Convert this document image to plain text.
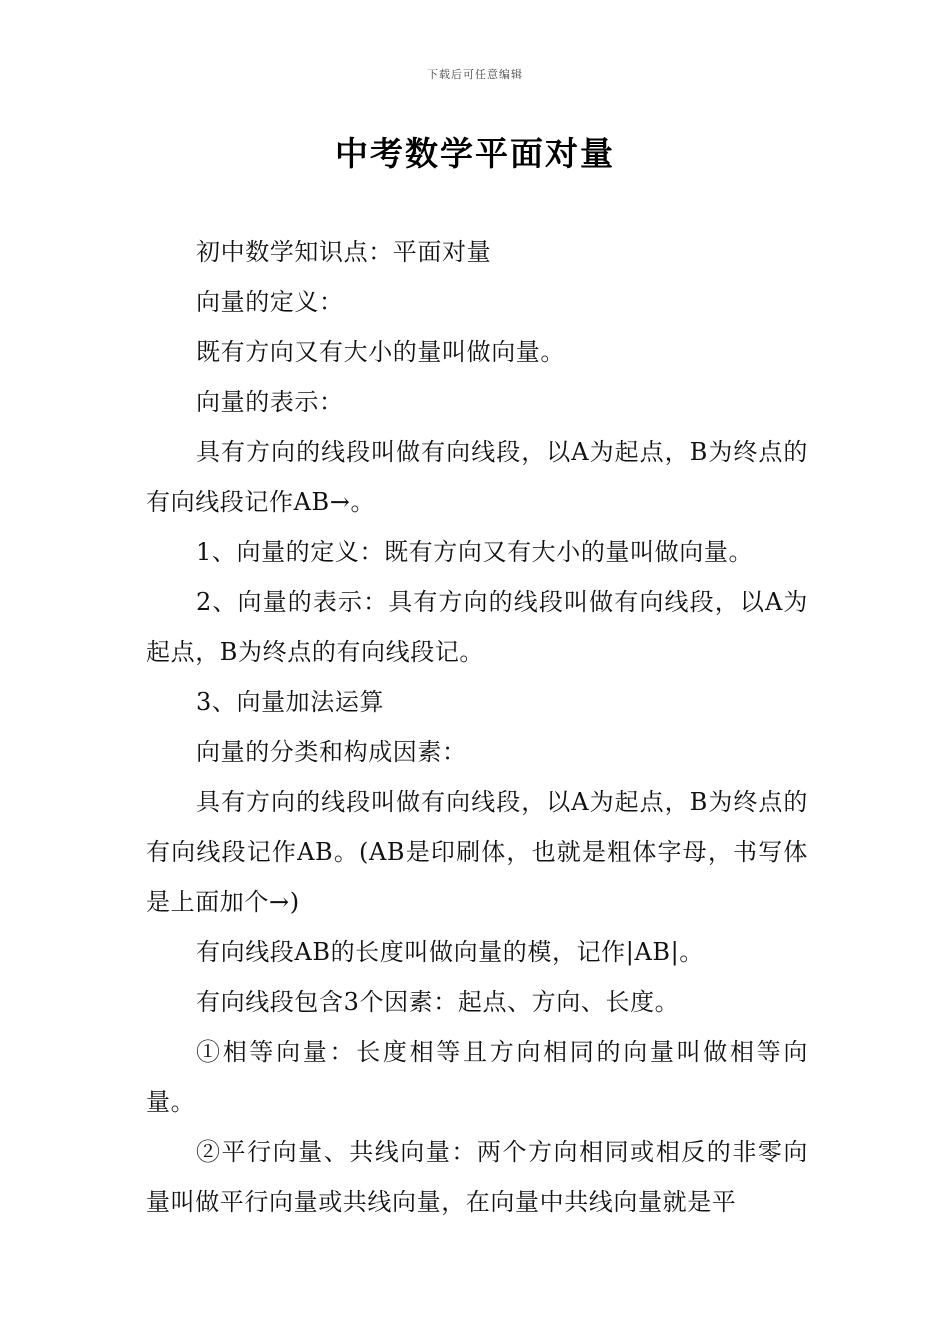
下载后可任意编辑
中考数学平面对量

初中数学知识点：平面对量

向量的定义：

既有方向又有大小的量叫做向量。

向量的表示：

具有方向的线段叫做有向线段，以A为起点，B为终点的有向线段记作AB→。

1、向量的定义：既有方向又有大小的量叫做向量。

2、向量的表示：具有方向的线段叫做有向线段，以A为起点，B为终点的有向线段记。

3、向量加法运算

向量的分类和构成因素：

具有方向的线段叫做有向线段，以A为起点，B为终点的有向线段记作AB。(AB是印刷体，也就是粗体字母，书写体是上面加个→)

有向线段AB的长度叫做向量的模，记作|AB|。

有向线段包含3个因素：起点、方向、长度。

①相等向量：长度相等且方向相同的向量叫做相等向量。

②平行向量、共线向量：两个方向相同或相反的非零向量叫做平行向量或共线向量，在向量中共线向量就是平
